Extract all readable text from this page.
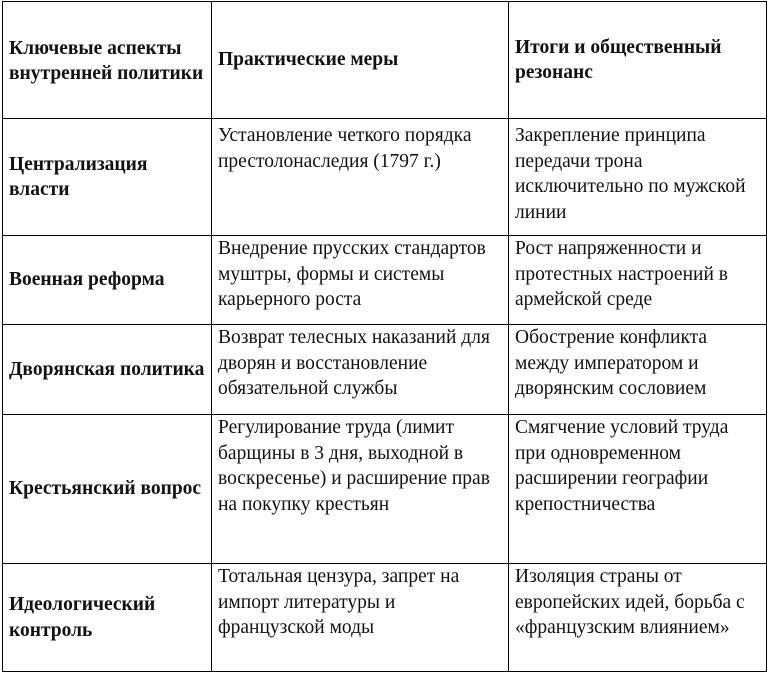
Ключевые аспекты внутренней политики	Практические меры	Итоги и общественный резонанс
Централизация власти	Установление четкого порядка престолонаследия (1797 г.)	Закрепление принципа передачи трона исключительно по мужской линии
Военная реформа	Внедрение прусских стандартов муштры, формы и системы карьерного роста	Рост напряженности и протестных настроений в армейской среде
Дворянская политика	Возврат телесных наказаний для дворян и восстановление обязательной службы	Обострение конфликта между императором и дворянским сословием
Крестьянский вопрос	Регулирование труда (лимит барщины в 3 дня, выходной в воскресенье) и расширение прав на покупку крестьян	Смягчение условий труда при одновременном расширении географии крепостничества
Идеологический контроль	Тотальная цензура, запрет на импорт литературы и французской моды	Изоляция страны от европейских идей, борьба с «французским влиянием»
